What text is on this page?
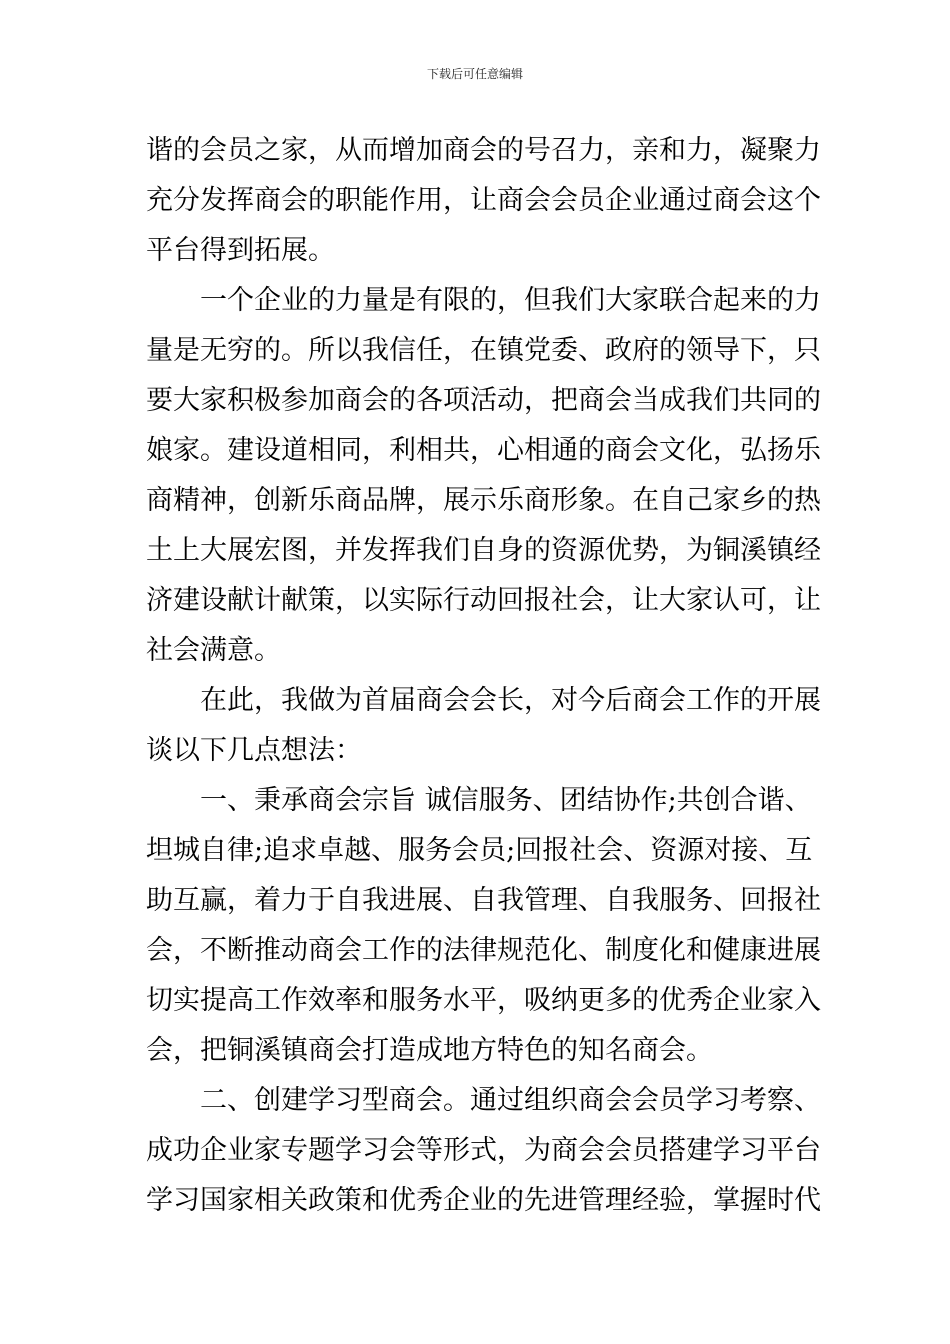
下载后可任意编辑
谐的会员之家，从而增加商会的号召力，亲和力，凝聚力
充分发挥商会的职能作用，让商会会员企业通过商会这个
平台得到拓展。
一个企业的力量是有限的，但我们大家联合起来的力
量是无穷的。所以我信任，在镇党委、政府的领导下，只
要大家积极参加商会的各项活动，把商会当成我们共同的
娘家。建设道相同，利相共，心相通的商会文化，弘扬乐
商精神，创新乐商品牌，展示乐商形象。在自己家乡的热
土上大展宏图，并发挥我们自身的资源优势，为铜溪镇经
济建设献计献策，以实际行动回报社会，让大家认可，让
社会满意。
在此，我做为首届商会会长，对今后商会工作的开展
谈以下几点想法：
一、秉承商会宗旨 诚信服务、团结协作;共创合谐、
坦城自律;追求卓越、服务会员;回报社会、资源对接、互
助互赢，着力于自我进展、自我管理、自我服务、回报社
会，不断推动商会工作的法律规范化、制度化和健康进展
切实提高工作效率和服务水平，吸纳更多的优秀企业家入
会，把铜溪镇商会打造成地方特色的知名商会。
二、创建学习型商会。通过组织商会会员学习考察、
成功企业家专题学习会等形式，为商会会员搭建学习平台
学习国家相关政策和优秀企业的先进管理经验，掌握时代
